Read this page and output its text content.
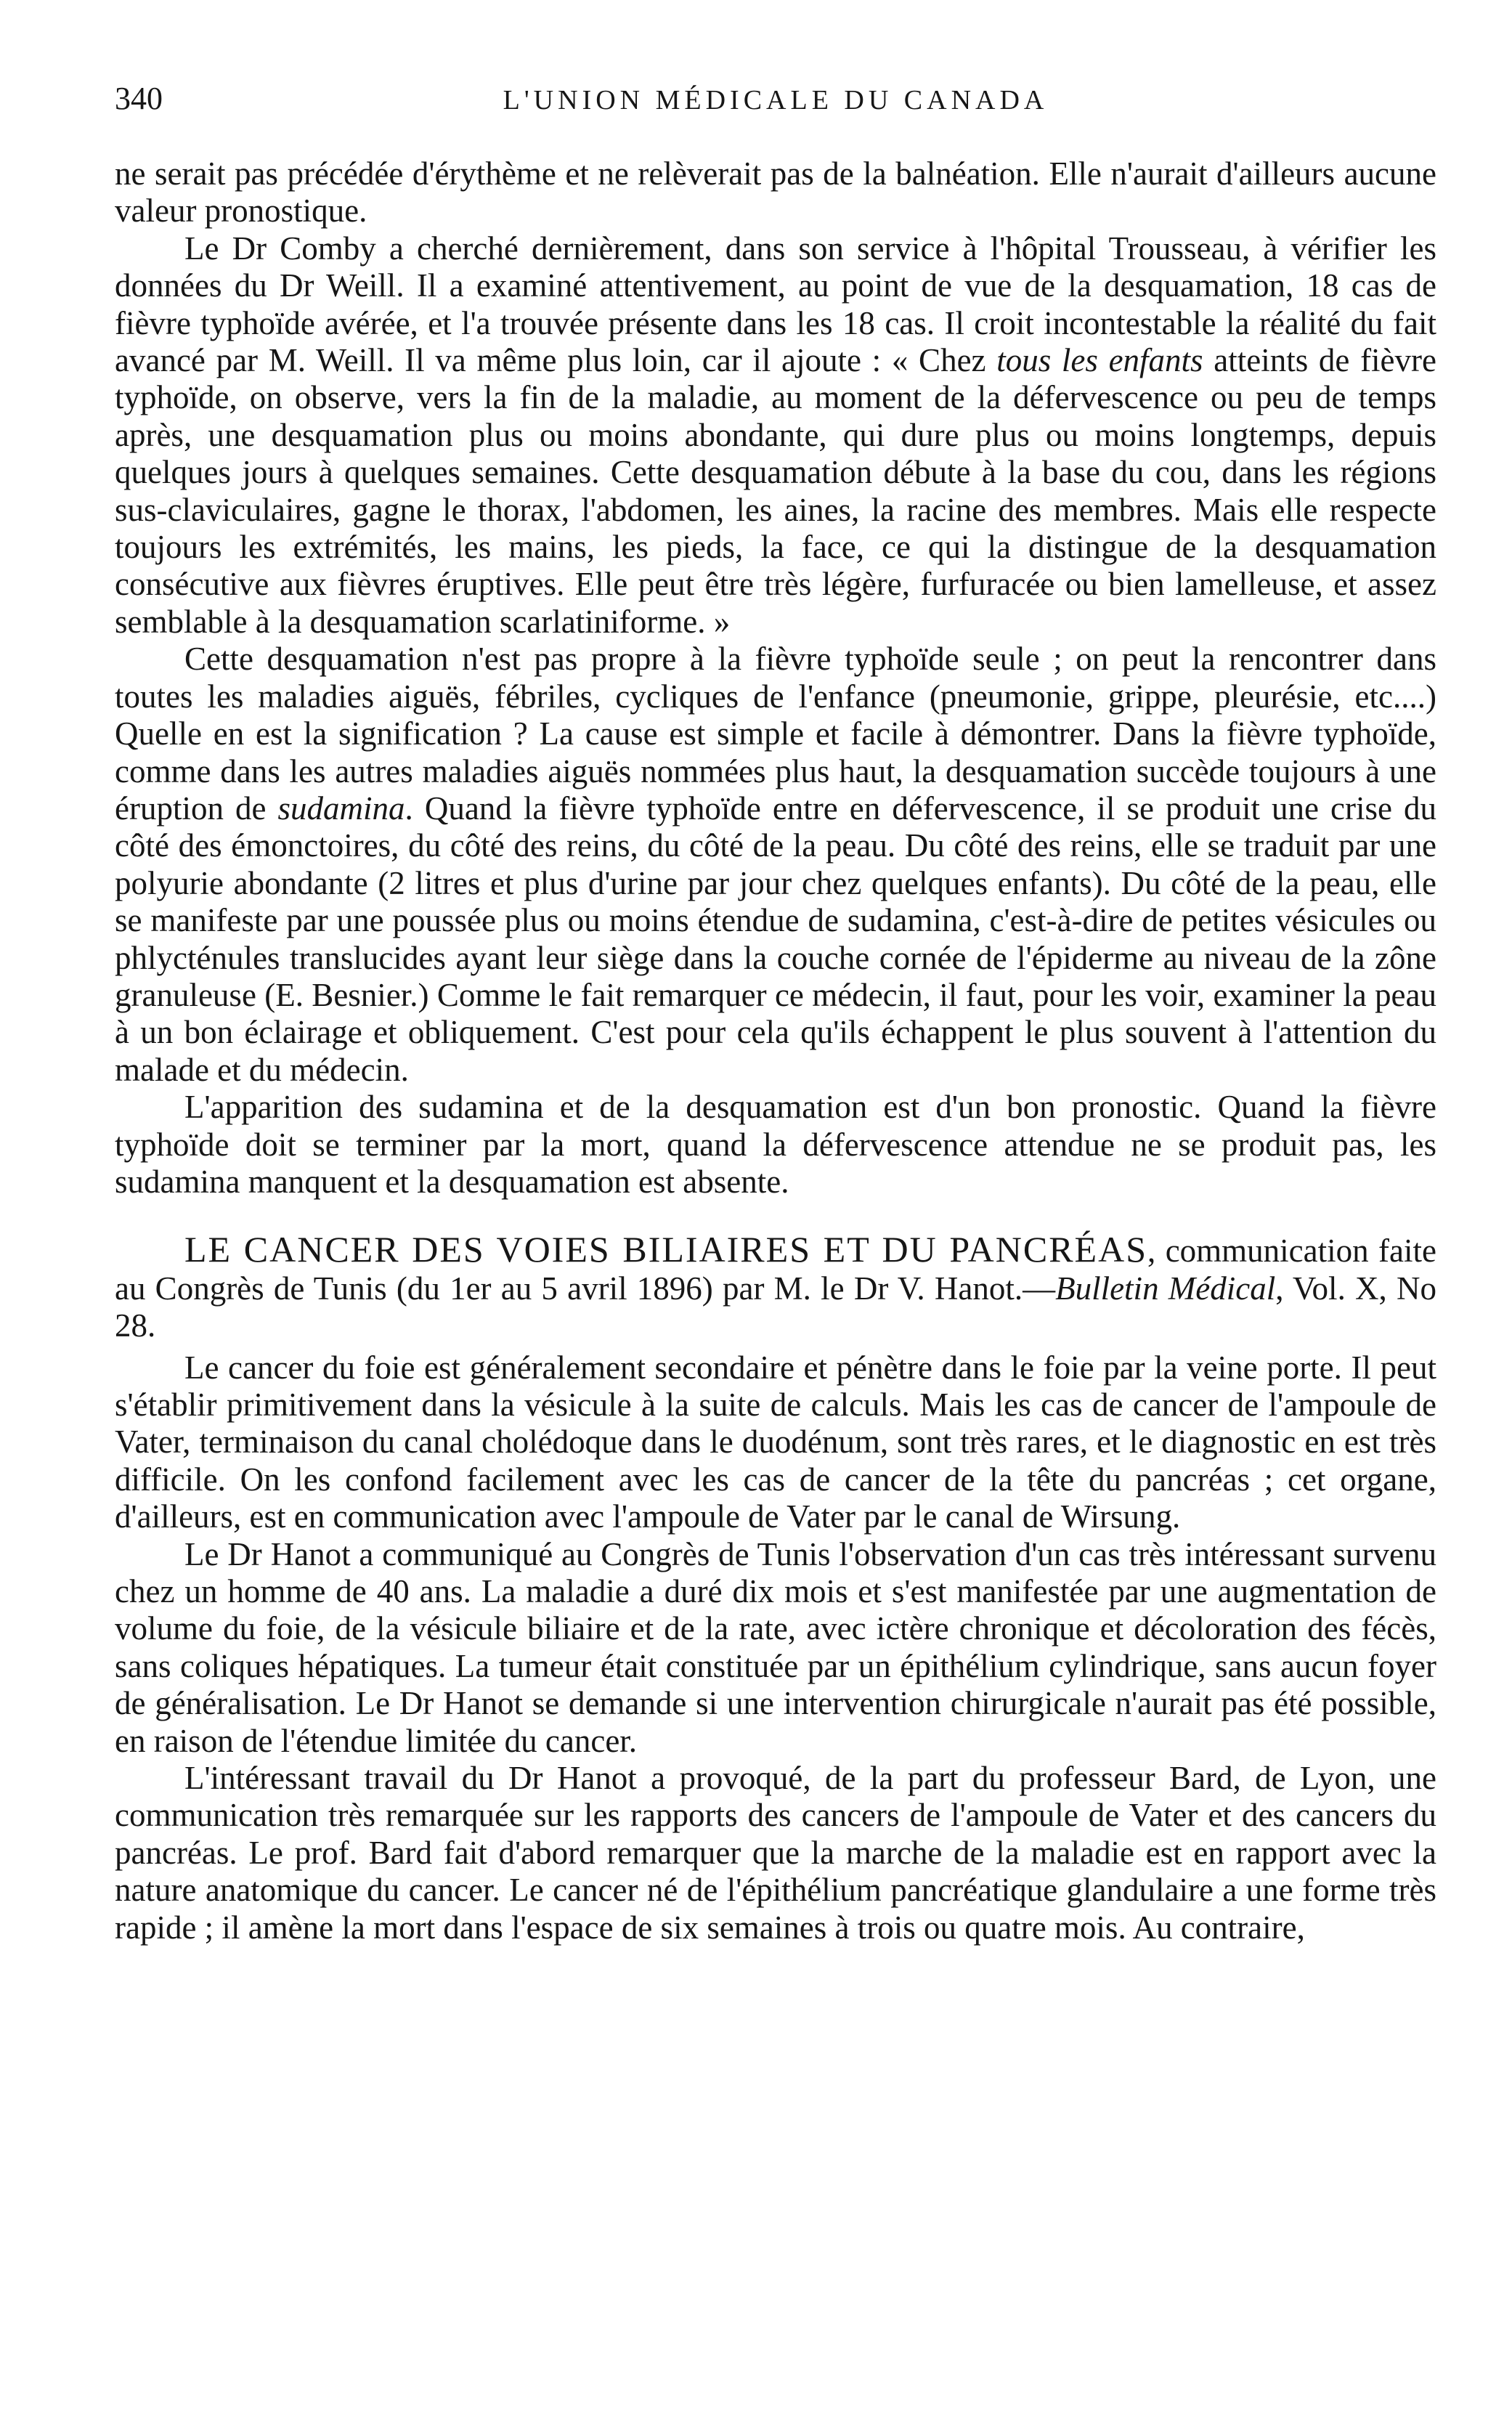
340	L'UNION MÉDICALE DU CANADA

ne serait pas précédée d'érythème et ne relèverait pas de la balnéation. Elle n'aurait d'ailleurs aucune valeur pronostique.

Le Dr Comby a cherché dernièrement, dans son service à l'hôpital Trousseau, à vérifier les données du Dr Weill. Il a examiné attentivement, au point de vue de la desquamation, 18 cas de fièvre typhoïde avérée, et l'a trouvée présente dans les 18 cas. Il croit incontestable la réalité du fait avancé par M. Weill. Il va même plus loin, car il ajoute : « Chez tous les enfants atteints de fièvre typhoïde, on observe, vers la fin de la maladie, au moment de la défervescence ou peu de temps après, une desquamation plus ou moins abondante, qui dure plus ou moins longtemps, depuis quelques jours à quelques semaines. Cette desquamation débute à la base du cou, dans les régions sus-claviculaires, gagne le thorax, l'abdomen, les aines, la racine des membres. Mais elle respecte toujours les extrémités, les mains, les pieds, la face, ce qui la distingue de la desquamation consécutive aux fièvres éruptives. Elle peut être très légère, furfuracée ou bien lamelleuse, et assez semblable à la desquamation scarlatiniforme. »

Cette desquamation n'est pas propre à la fièvre typhoïde seule ; on peut la rencontrer dans toutes les maladies aiguës, fébriles, cycliques de l'enfance (pneumonie, grippe, pleurésie, etc....) Quelle en est la signification ? La cause est simple et facile à démontrer. Dans la fièvre typhoïde, comme dans les autres maladies aiguës nommées plus haut, la desquamation succède toujours à une éruption de sudamina. Quand la fièvre typhoïde entre en défervescence, il se produit une crise du côté des émonctoires, du côté des reins, du côté de la peau. Du côté des reins, elle se traduit par une polyurie abondante (2 litres et plus d'urine par jour chez quelques enfants). Du côté de la peau, elle se manifeste par une poussée plus ou moins étendue de sudamina, c'est-à-dire de petites vésicules ou phlycténules translucides ayant leur siège dans la couche cornée de l'épiderme au niveau de la zône granuleuse (E. Besnier.) Comme le fait remarquer ce médecin, il faut, pour les voir, examiner la peau à un bon éclairage et obliquement. C'est pour cela qu'ils échappent le plus souvent à l'attention du malade et du médecin.

L'apparition des sudamina et de la desquamation est d'un bon pronostic. Quand la fièvre typhoïde doit se terminer par la mort, quand la défervescence attendue ne se produit pas, les sudamina manquent et la desquamation est absente.

LE CANCER DES VOIES BILIAIRES ET DU PANCRÉAS, communication faite au Congrès de Tunis (du 1er au 5 avril 1896) par M. le Dr V. Hanot.—Bulletin Médical, Vol. X, No 28.

Le cancer du foie est généralement secondaire et pénètre dans le foie par la veine porte. Il peut s'établir primitivement dans la vésicule à la suite de calculs. Mais les cas de cancer de l'ampoule de Vater, terminaison du canal cholédoque dans le duodénum, sont très rares, et le diagnostic en est très difficile. On les confond facilement avec les cas de cancer de la tête du pancréas ; cet organe, d'ailleurs, est en communication avec l'ampoule de Vater par le canal de Wirsung.

Le Dr Hanot a communiqué au Congrès de Tunis l'observation d'un cas très intéressant survenu chez un homme de 40 ans. La maladie a duré dix mois et s'est manifestée par une augmentation de volume du foie, de la vésicule biliaire et de la rate, avec ictère chronique et décoloration des fécès, sans coliques hépatiques. La tumeur était constituée par un épithélium cylindrique, sans aucun foyer de généralisation. Le Dr Hanot se demande si une intervention chirurgicale n'aurait pas été possible, en raison de l'étendue limitée du cancer.

L'intéressant travail du Dr Hanot a provoqué, de la part du professeur Bard, de Lyon, une communication très remarquée sur les rapports des cancers de l'ampoule de Vater et des cancers du pancréas. Le prof. Bard fait d'abord remarquer que la marche de la maladie est en rapport avec la nature anatomique du cancer. Le cancer né de l'épithélium pancréatique glandulaire a une forme très rapide ; il amène la mort dans l'espace de six semaines à trois ou quatre mois. Au contraire,
